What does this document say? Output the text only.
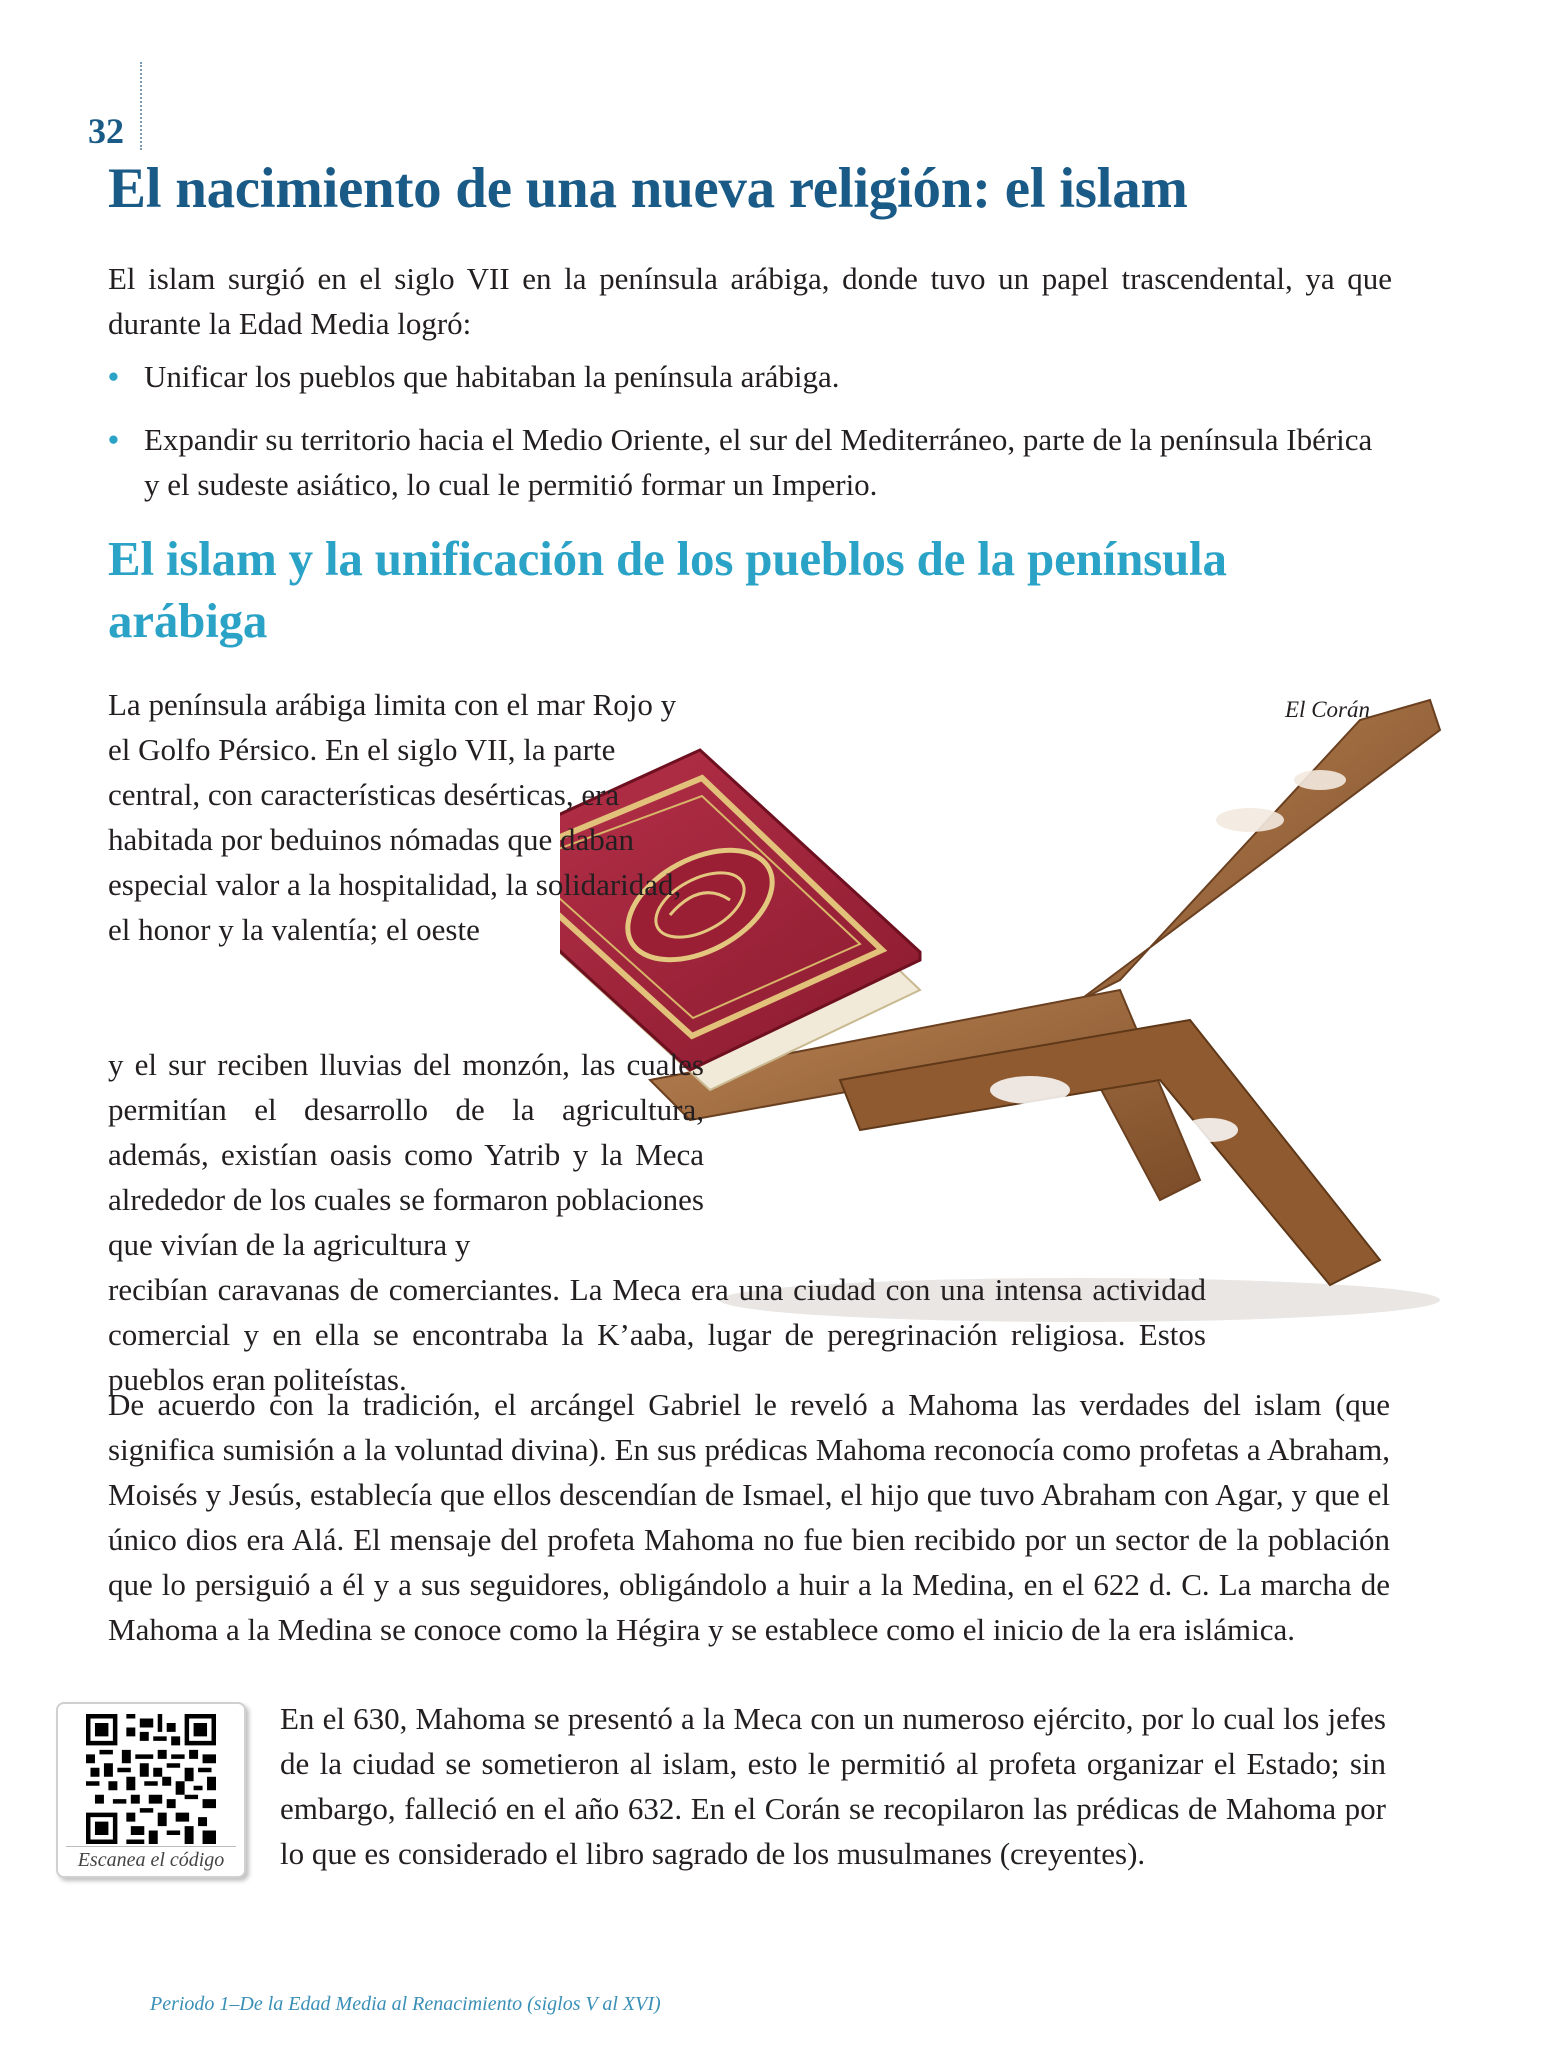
32
El nacimiento de una nueva religión: el islam

El islam surgió en el siglo VII en la península arábiga, donde tuvo un papel trascendental, ya que durante la Edad Media logró:

• Unificar los pueblos que habitaban la península arábiga.
• Expandir su territorio hacia el Medio Oriente, el sur del Mediterráneo, parte de la península Ibérica y el sudeste asiático, lo cual le permitió formar un Imperio.
El islam y la unificación de los pueblos de la península arábiga
El Corán

La península arábiga limita con el mar Rojo y el Golfo Pérsico. En el siglo VII, la parte central, con características desérticas, era habitada por beduinos nómadas que daban especial valor a la hospitalidad, la solidaridad, el honor y la valentía; el oeste

y el sur reciben lluvias del monzón, las cuales permitían el desarrollo de la agricultura, además, existían oasis como Yatrib y la Meca alrededor de los cuales se formaron poblaciones que vivían de la agricultura y

recibían caravanas de comerciantes. La Meca era una ciudad con una intensa actividad comercial y en ella se encontraba la K’aaba, lugar de peregrinación religiosa. Estos pueblos eran politeístas.

De acuerdo con la tradición, el arcángel Gabriel le reveló a Mahoma las verdades del islam (que significa sumisión a la voluntad divina). En sus prédicas Mahoma reconocía como profetas a Abraham, Moisés y Jesús, establecía que ellos descendían de Ismael, el hijo que tuvo Abraham con Agar, y que el único dios era Alá. El mensaje del profeta Mahoma no fue bien recibido por un sector de la población que lo persiguió a él y a sus seguidores, obligándolo a huir a la Medina, en el 622 d. C. La marcha de Mahoma a la Medina se conoce como la Hégira y se establece como el inicio de la era islámica.

Escanea el código

En el 630, Mahoma se presentó a la Meca con un numeroso ejército, por lo cual los jefes de la ciudad se sometieron al islam, esto le permitió al profeta organizar el Estado; sin embargo, falleció en el año 632. En el Corán se recopilaron las prédicas de Mahoma por lo que es considerado el libro sagrado de los musulmanes (creyentes).

Periodo 1–De la Edad Media al Renacimiento (siglos V al XVI)
